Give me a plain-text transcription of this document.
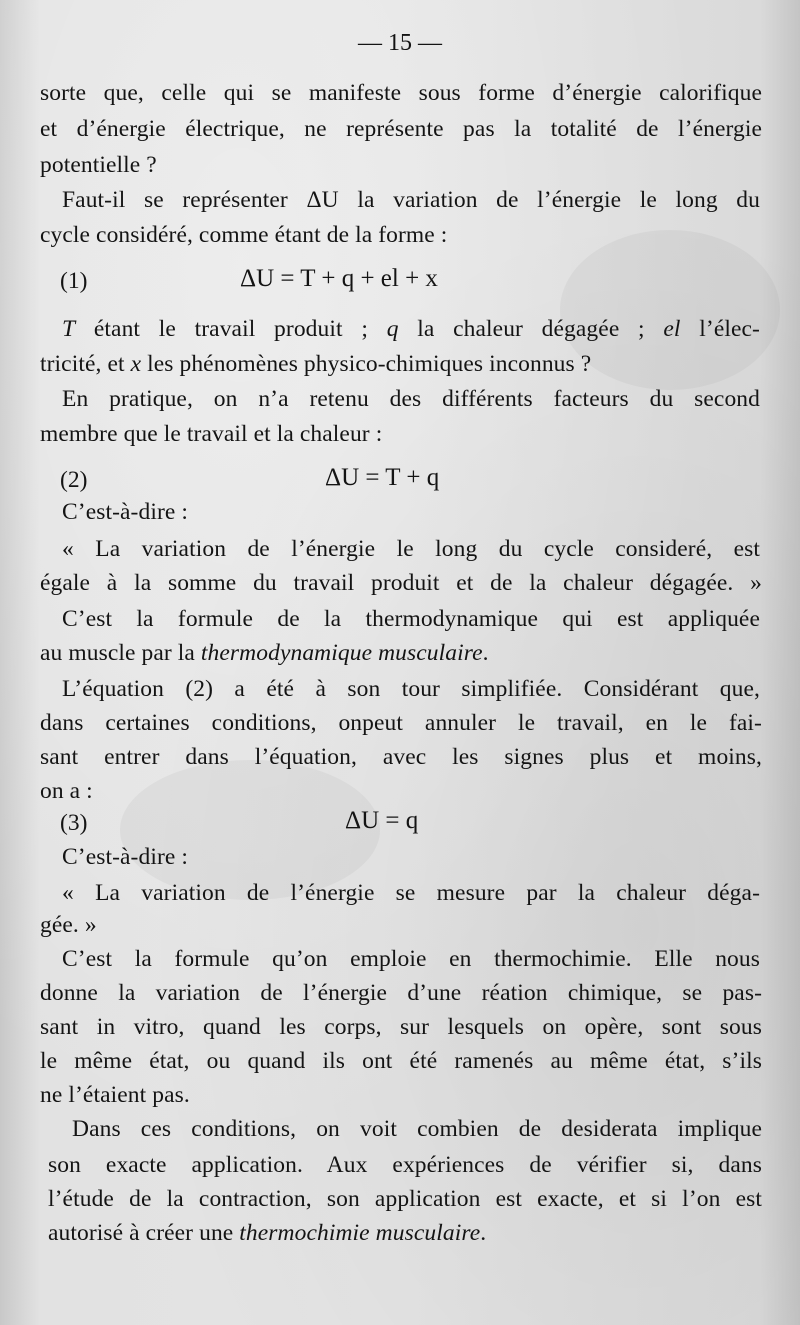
— 15 —
sorte que, celle qui se manifeste sous forme d’énergie calorifique
et d’énergie électrique, ne représente pas la totalité de l’énergie
potentielle ?
Faut-il se représenter ΔU la variation de l’énergie le long du
cycle considéré, comme étant de la forme :
(1)	ΔU = T + q + el + x
T étant le travail produit ; q la chaleur dégagée ; el l’élec-
tricité, et x les phénomènes physico-chimiques inconnus ?
En pratique, on n’a retenu des différents facteurs du second
membre que le travail et la chaleur :
(2)	ΔU = T + q
C’est-à-dire :
« La variation de l’énergie le long du cycle consideré, est
égale à la somme du travail produit et de la chaleur dégagée. »
C’est la formule de la thermodynamique qui est appliquée
au muscle par la thermodynamique musculaire.
L’équation (2) a été à son tour simplifiée. Considérant que,
dans certaines conditions, onpeut annuler le travail, en le fai-
sant entrer dans l’équation, avec les signes plus et moins,
on a :
(3)	ΔU = q
C’est-à-dire :
« La variation de l’énergie se mesure par la chaleur déga-
gée. »
C’est la formule qu’on emploie en thermochimie. Elle nous
donne la variation de l’énergie d’une réation chimique, se pas-
sant in vitro, quand les corps, sur lesquels on opère, sont sous
le même état, ou quand ils ont été ramenés au même état, s’ils
ne l’étaient pas.
Dans ces conditions, on voit combien de desiderata implique
son exacte application. Aux expériences de vérifier si, dans
l’étude de la contraction, son application est exacte, et si l’on est
autorisé à créer une thermochimie musculaire.
